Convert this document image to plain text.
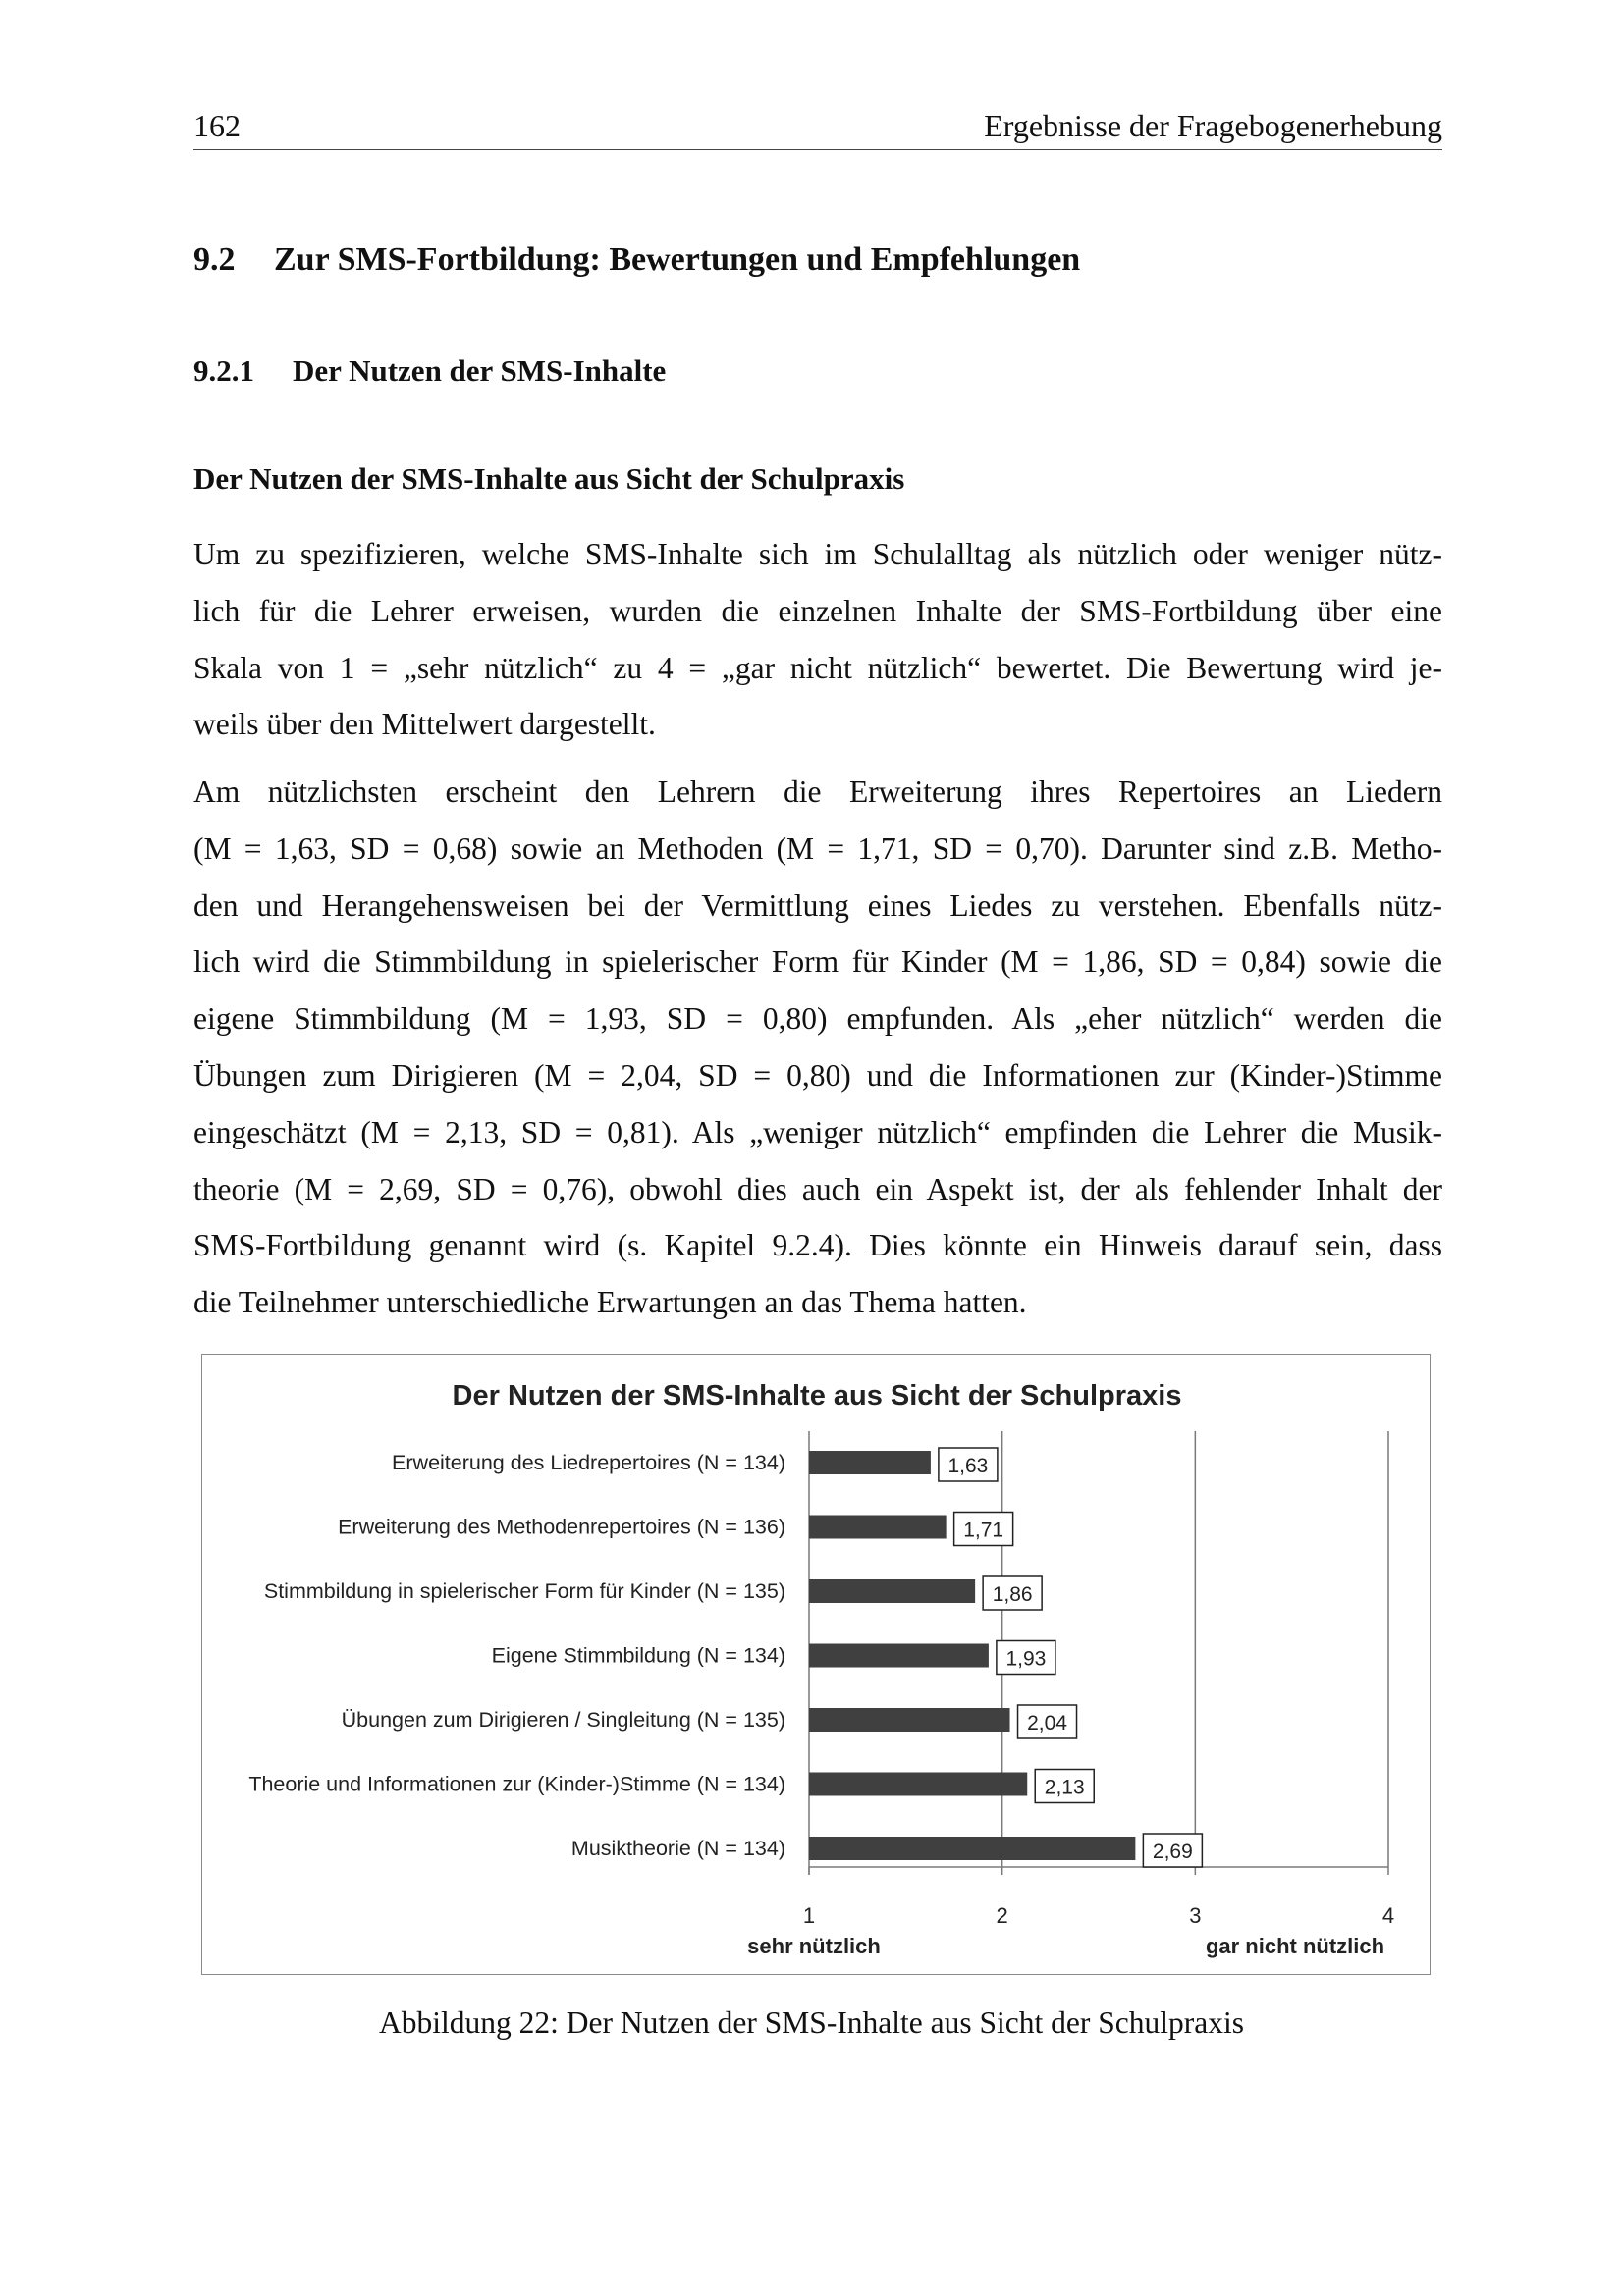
162	Ergebnisse der Fragebogenerhebung
9.2 Zur SMS-Fortbildung: Bewertungen und Empfehlungen
9.2.1 Der Nutzen der SMS-Inhalte
Der Nutzen der SMS-Inhalte aus Sicht der Schulpraxis
Um zu spezifizieren, welche SMS-Inhalte sich im Schulalltag als nützlich oder weniger nütz-
lich für die Lehrer erweisen, wurden die einzelnen Inhalte der SMS-Fortbildung über eine
Skala von 1 = „sehr nützlich“ zu 4 = „gar nicht nützlich“ bewertet. Die Bewertung wird je-
weils über den Mittelwert dargestellt.
Am nützlichsten erscheint den Lehrern die Erweiterung ihres Repertoires an Liedern
(M = 1,63, SD = 0,68) sowie an Methoden (M = 1,71, SD = 0,70). Darunter sind z.B. Metho-
den und Herangehensweisen bei der Vermittlung eines Liedes zu verstehen. Ebenfalls nütz-
lich wird die Stimmbildung in spielerischer Form für Kinder (M = 1,86, SD = 0,84) sowie die
eigene Stimmbildung (M = 1,93, SD = 0,80) empfunden. Als „eher nützlich“ werden die
Übungen zum Dirigieren (M = 2,04, SD = 0,80) und die Informationen zur (Kinder-)Stimme
eingeschätzt (M = 2,13, SD = 0,81). Als „weniger nützlich“ empfinden die Lehrer die Musik-
theorie (M = 2,69, SD = 0,76), obwohl dies auch ein Aspekt ist, der als fehlender Inhalt der
SMS-Fortbildung genannt wird (s. Kapitel 9.2.4). Dies könnte ein Hinweis darauf sein, dass
die Teilnehmer unterschiedliche Erwartungen an das Thema hatten.
Der Nutzen der SMS-Inhalte aus Sicht der Schulpraxis
sehr nützlich	gar nicht nützlich
1	2	3	4
Erweiterung des Liedrepertoires (N = 134)	1,63
Erweiterung des Methodenrepertoires (N = 136)	1,71
Stimmbildung in spielerischer Form für Kinder (N = 135)	1,86
Eigene Stimmbildung (N = 134)	1,93
Übungen zum Dirigieren / Singleitung (N = 135)	2,04
Theorie und Informationen zur (Kinder-)Stimme (N = 134)	2,13
Musiktheorie (N = 134)	2,69
Abbildung 22: Der Nutzen der SMS-Inhalte aus Sicht der Schulpraxis
